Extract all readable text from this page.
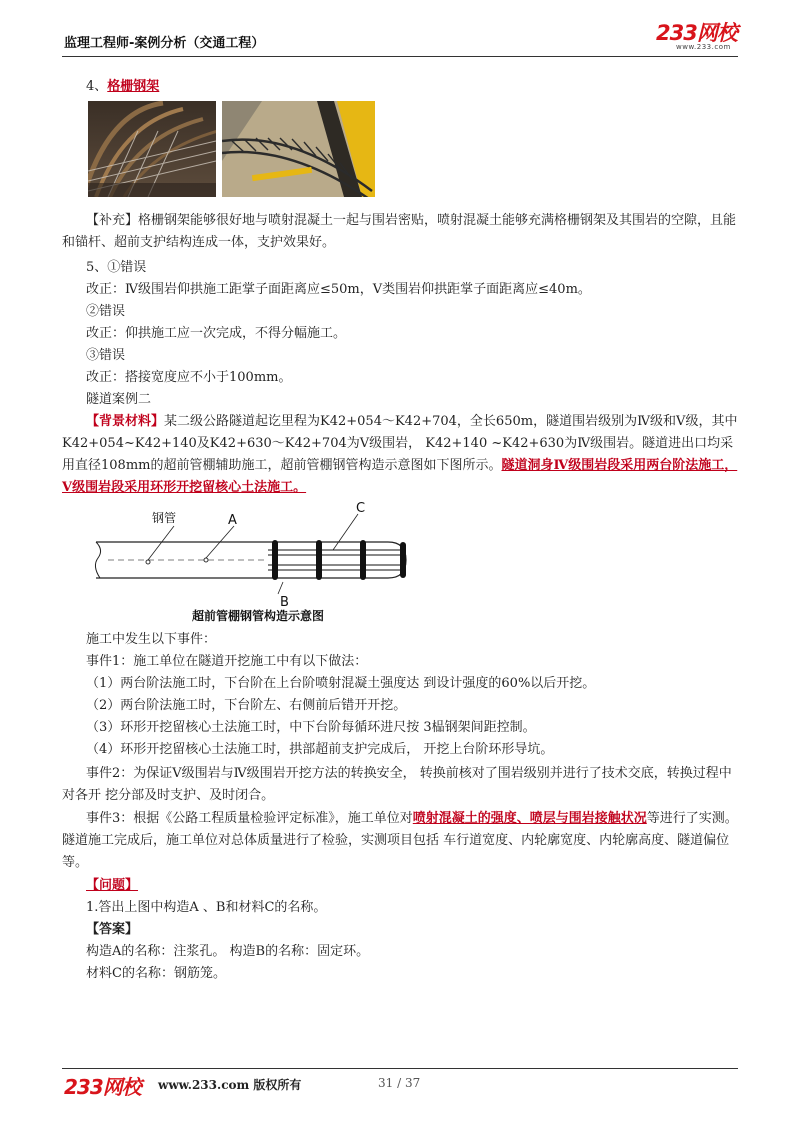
监理工程师-案例分析（交通工程）	233网校
www.233.com
4、格栅钢架
【补充】格栅钢架能够很好地与喷射混凝土一起与围岩密贴，喷射混凝土能够充满格栅钢架及其围岩的空隙，且能和锚杆、超前支护结构连成一体，支护效果好。
5、①错误
改正：Ⅳ级围岩仰拱施工距掌子面距离应≤50m，Ⅴ类围岩仰拱距掌子面距离应≤40m。
②错误
改正：仰拱施工应一次完成，不得分幅施工。
③错误
改正：搭接宽度应不小于100mm。
隧道案例二
【背景材料】某二级公路隧道起讫里程为K42+054～K42+704，全长650m，隧道围岩级别为Ⅳ级和Ⅴ级，其中K42+054~K42+140及K42+630～K42+704为Ⅴ级围岩， K42+140 ~K42+630为Ⅳ级围岩。隧道进出口均采用直径108mm的超前管棚辅助施工，超前管棚钢管构造示意图如下图所示。隧道洞身Ⅳ级围岩段采用两台阶法施工， Ⅴ级围岩段采用环形开挖留核心土法施工。
钢管	A
C
B
超前管棚钢管构造示意图
施工中发生以下事件：
事件1：施工单位在隧道开挖施工中有以下做法：
（1）两台阶法施工时，下台阶在上台阶喷射混凝土强度达 到设计强度的60%以后开挖。
（2）两台阶法施工时，下台阶左、右侧前后错开开挖。
（3）环形开挖留核心土法施工时，中下台阶每循环进尺按 3榀钢架间距控制。
（4）环形开挖留核心土法施工时，拱部超前支护完成后， 开挖上台阶环形导坑。
事件2：为保证Ⅴ级围岩与Ⅳ级围岩开挖方法的转换安全， 转换前核对了围岩级别并进行了技术交底，转换过程中对各开 挖分部及时支护、及时闭合。
事件3：根据《公路工程质量检验评定标准》，施工单位对喷射混凝土的强度、喷层与围岩接触状况等进行了实测。隧道施工完成后，施工单位对总体质量进行了检验，实测项目包括 车行道宽度、内轮廓宽度、内轮廓高度、隧道偏位等。
【问题】
1.答出上图中构造A 、B和材料C的名称。
【答案】
构造A的名称：注浆孔。 构造B的名称：固定环。
材料C的名称：钢筋笼。
233网校 www.233.com 版权所有	31 / 37
